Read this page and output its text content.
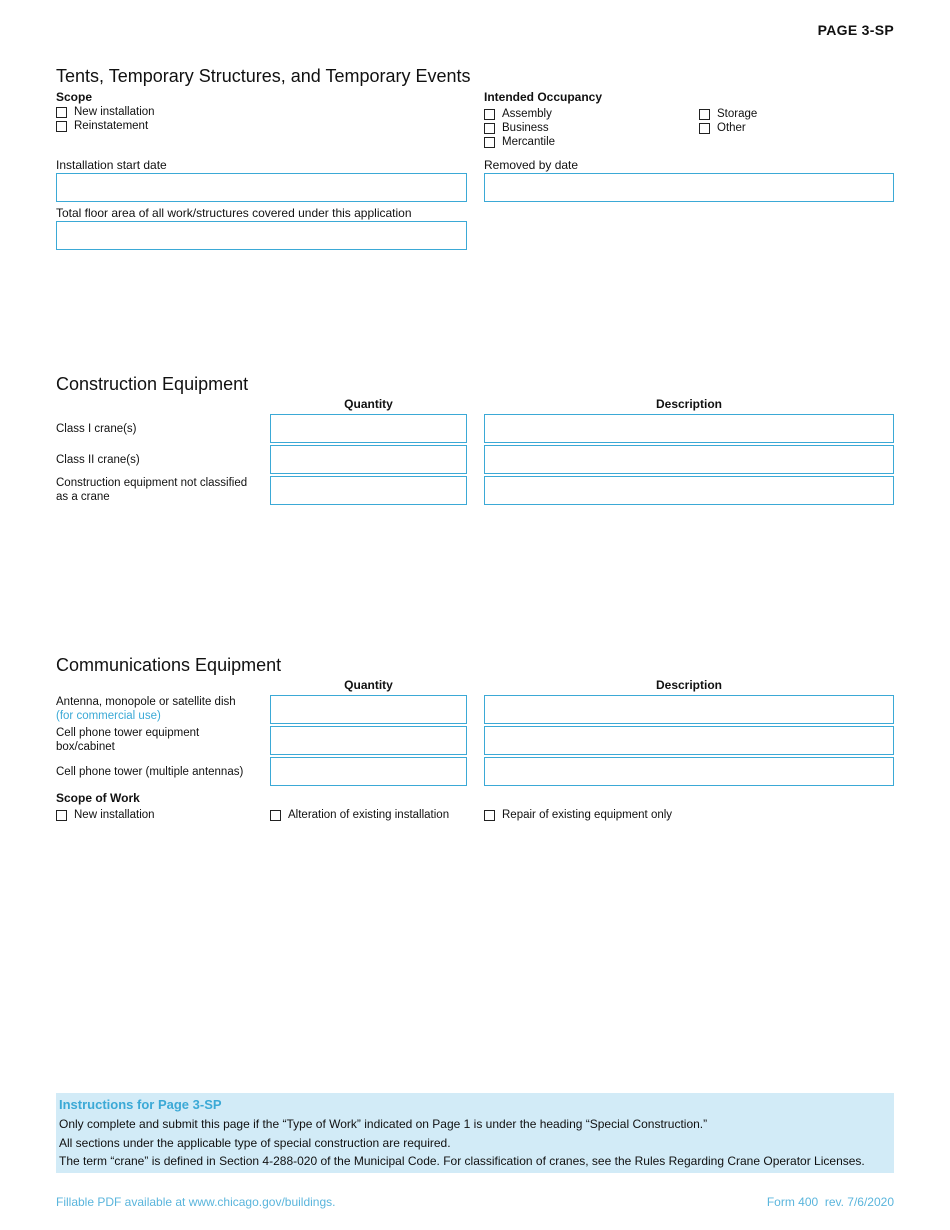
PAGE 3-SP
Tents, Temporary Structures, and Temporary Events
Scope
New installation
Reinstatement
Intended Occupancy
Assembly
Business
Mercantile
Storage
Other
Installation start date	Removed by date
Total floor area of all work/structures covered under this application
Construction Equipment
Quantity	Description
Class I crane(s)
Class II crane(s)
Construction equipment not classified
as a crane
Communications Equipment
Quantity	Description
Antenna, monopole or satellite dish
(for commercial use)
Cell phone tower equipment
box/cabinet
Cell phone tower (multiple antennas)
Scope of Work
New installation	Alteration of existing installation	Repair of existing equipment only
Instructions for Page 3-SP
Only complete and submit this page if the “Type of Work” indicated on Page 1 is under the heading “Special Construction.”
All sections under the applicable type of special construction are required.
The term “crane” is defined in Section 4-288-020 of the Municipal Code. For classification of cranes, see the Rules Regarding Crane Operator Licenses.
Fillable PDF available at www.chicago.gov/buildings.	Form 400  rev. 7/6/2020
